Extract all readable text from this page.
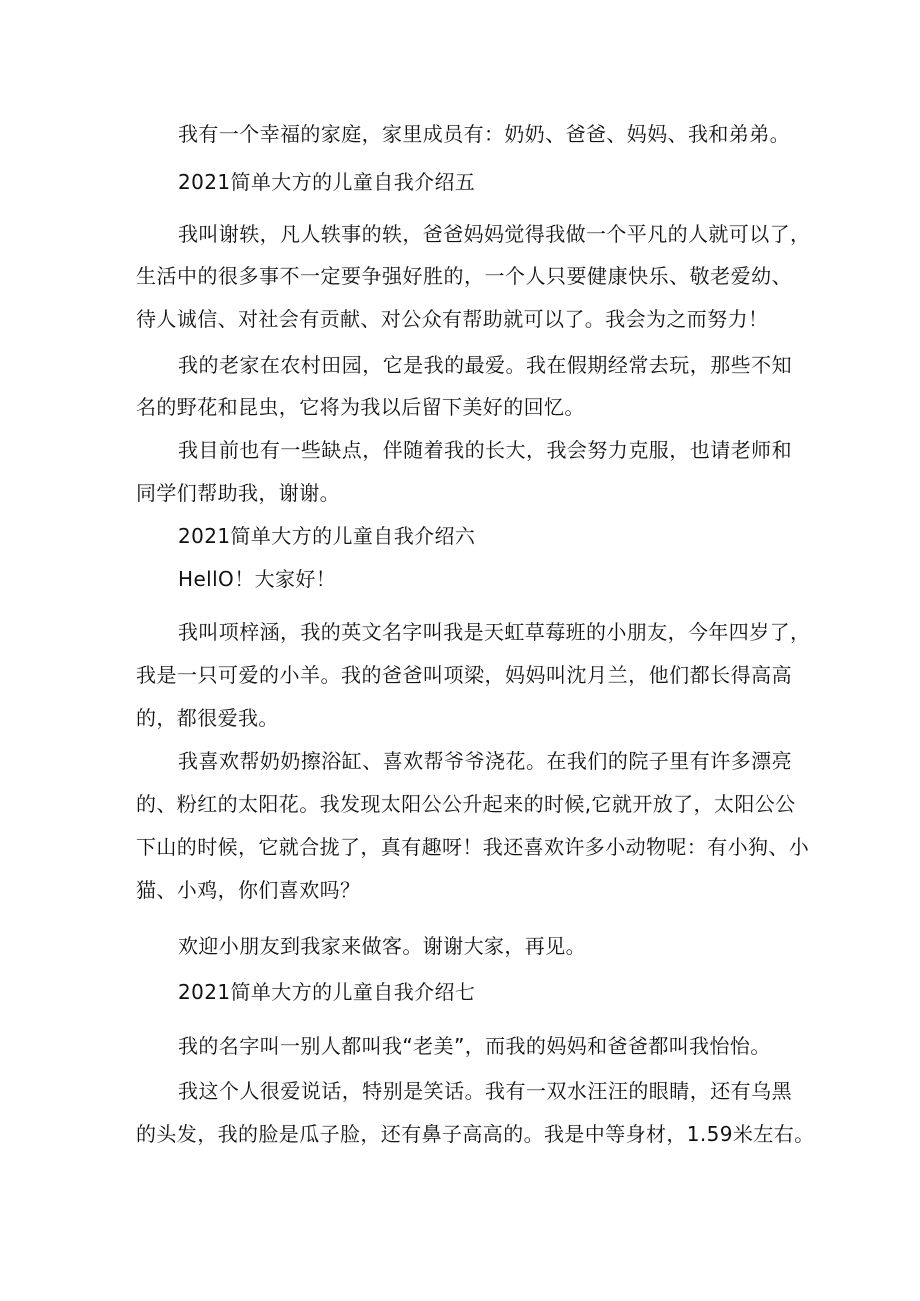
我有一个幸福的家庭，家里成员有：奶奶、爸爸、妈妈、我和弟弟。
2021简单大方的儿童自我介绍五
我叫谢轶，凡人轶事的轶，爸爸妈妈觉得我做一个平凡的人就可以了，
生活中的很多事不一定要争强好胜的，一个人只要健康快乐、敬老爱幼、
待人诚信、对社会有贡献、对公众有帮助就可以了。我会为之而努力！
我的老家在农村田园，它是我的最爱。我在假期经常去玩，那些不知
名的野花和昆虫，它将为我以后留下美好的回忆。
我目前也有一些缺点，伴随着我的长大，我会努力克服，也请老师和
同学们帮助我，谢谢。
2021简单大方的儿童自我介绍六
HellO！大家好！
我叫项梓涵，我的英文名字叫我是天虹草莓班的小朋友，今年四岁了，
我是一只可爱的小羊。我的爸爸叫项梁，妈妈叫沈月兰，他们都长得高高
的，都很爱我。
我喜欢帮奶奶擦浴缸、喜欢帮爷爷浇花。在我们的院子里有许多漂亮
的、粉红的太阳花。我发现太阳公公升起来的时候,它就开放了，太阳公公
下山的时候，它就合拢了，真有趣呀！我还喜欢许多小动物呢：有小狗、小
猫、小鸡，你们喜欢吗？
欢迎小朋友到我家来做客。谢谢大家，再见。
2021简单大方的儿童自我介绍七
我的名字叫一别人都叫我“老美”，而我的妈妈和爸爸都叫我怡怡。
我这个人很爱说话，特别是笑话。我有一双水汪汪的眼睛，还有乌黑
的头发，我的脸是瓜子脸，还有鼻子高高的。我是中等身材，1.59米左右。
